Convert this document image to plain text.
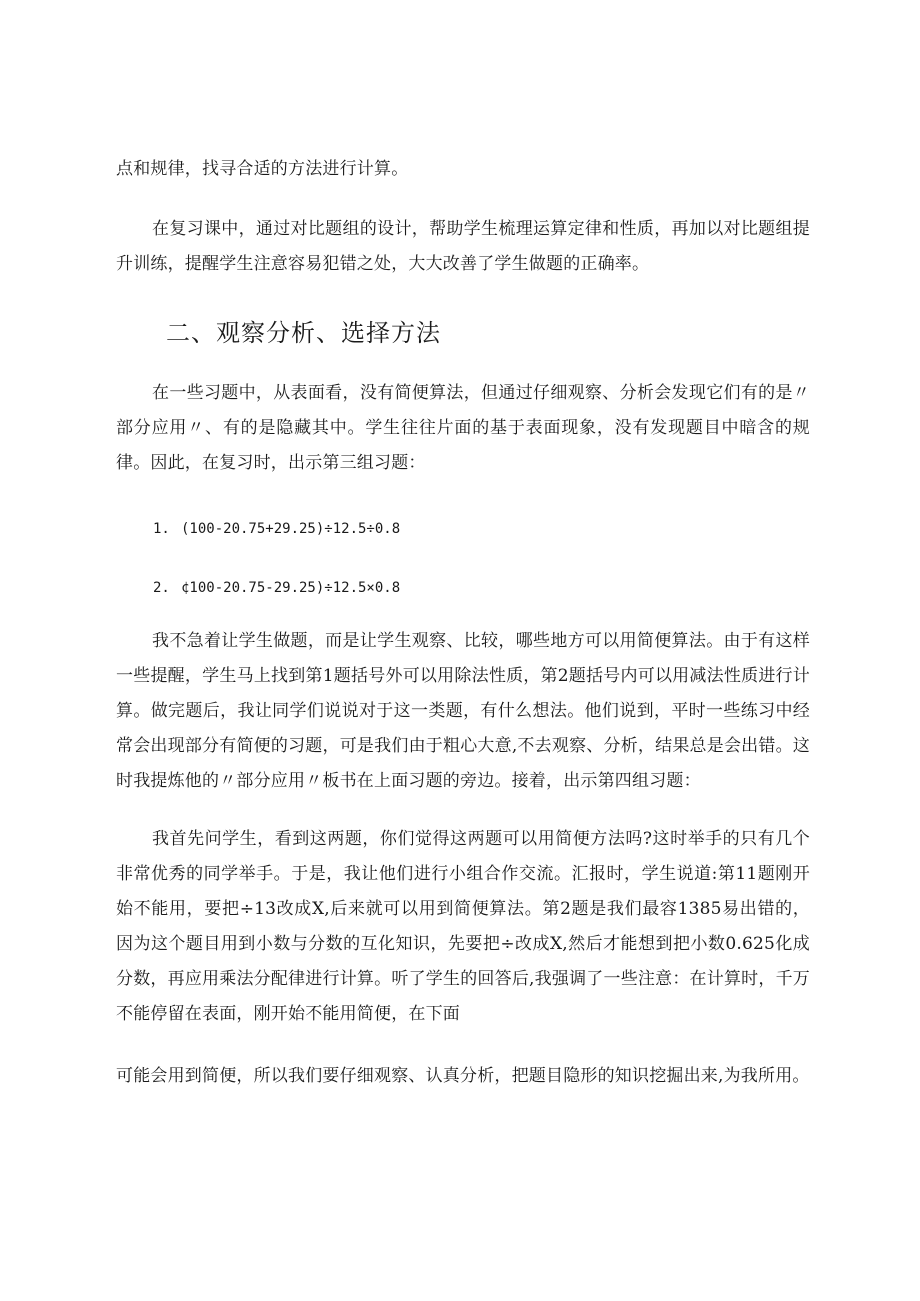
点和规律，找寻合适的方法进行计算。

在复习课中，通过对比题组的设计，帮助学生梳理运算定律和性质，再加以对比题组提升训练，提醒学生注意容易犯错之处，大大改善了学生做题的正确率。

二、观察分析、选择方法

在一些习题中，从表面看，没有简便算法，但通过仔细观察、分析会发现它们有的是〃部分应用〃、有的是隐藏其中。学生往往片面的基于表面现象，没有发现题目中暗含的规律。因此，在复习时，出示第三组习题：

1. (100-20.75+29.25)÷12.5÷0.8

2. ¢100-20.75-29.25)÷12.5×0.8

我不急着让学生做题，而是让学生观察、比较，哪些地方可以用简便算法。由于有这样一些提醒，学生马上找到第1题括号外可以用除法性质，第2题括号内可以用减法性质进行计算。做完题后，我让同学们说说对于这一类题，有什么想法。他们说到，平时一些练习中经常会出现部分有简便的习题，可是我们由于粗心大意,不去观察、分析，结果总是会出错。这时我提炼他的〃部分应用〃板书在上面习题的旁边。接着，出示第四组习题：

我首先问学生，看到这两题，你们觉得这两题可以用简便方法吗?这时举手的只有几个非常优秀的同学举手。于是，我让他们进行小组合作交流。汇报时，学生说道:第11题刚开始不能用，要把÷13改成X,后来就可以用到简便算法。第2题是我们最容1385易出错的，因为这个题目用到小数与分数的互化知识，先要把÷改成X,然后才能想到把小数0.625化成分数，再应用乘法分配律进行计算。听了学生的回答后,我强调了一些注意：在计算时，千万不能停留在表面，刚开始不能用简便，在下面

可能会用到简便，所以我们要仔细观察、认真分析，把题目隐形的知识挖掘出来,为我所用。
